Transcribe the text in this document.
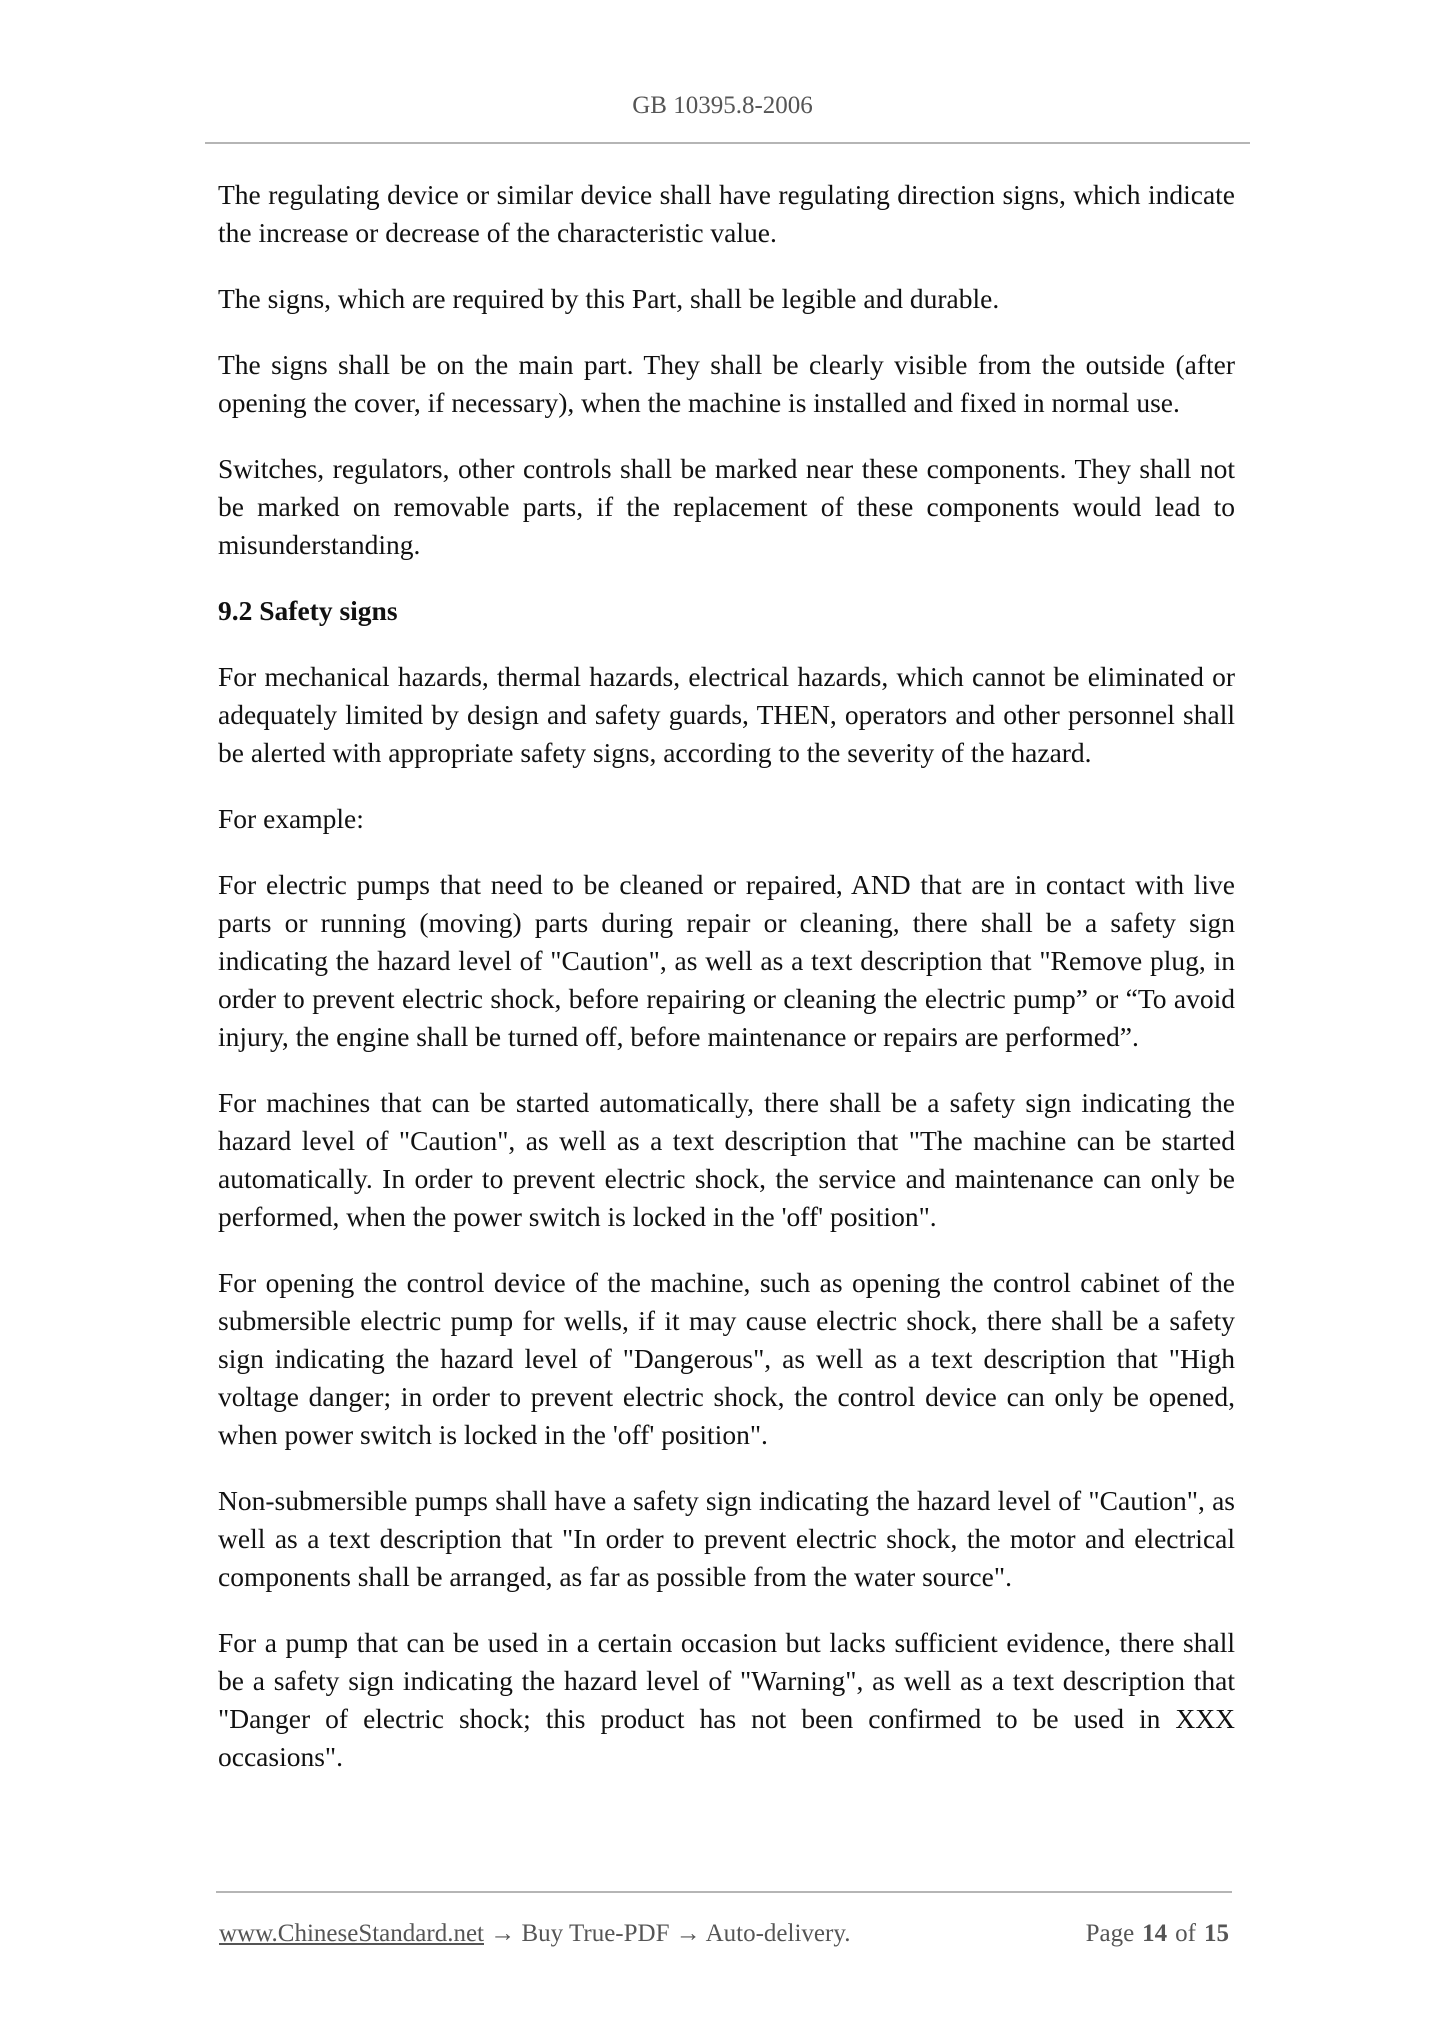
GB 10395.8-2006

The regulating device or similar device shall have regulating direction signs, which indicate the increase or decrease of the characteristic value.

The signs, which are required by this Part, shall be legible and durable.

The signs shall be on the main part. They shall be clearly visible from the outside (after opening the cover, if necessary), when the machine is installed and fixed in normal use.

Switches, regulators, other controls shall be marked near these components. They shall not be marked on removable parts, if the replacement of these components would lead to misunderstanding.

9.2 Safety signs

For mechanical hazards, thermal hazards, electrical hazards, which cannot be eliminated or adequately limited by design and safety guards, THEN, operators and other personnel shall be alerted with appropriate safety signs, according to the severity of the hazard.

For example:

For electric pumps that need to be cleaned or repaired, AND that are in contact with live parts or running (moving) parts during repair or cleaning, there shall be a safety sign indicating the hazard level of "Caution", as well as a text description that "Remove plug, in order to prevent electric shock, before repairing or cleaning the electric pump” or “To avoid injury, the engine shall be turned off, before maintenance or repairs are performed”.

For machines that can be started automatically, there shall be a safety sign indicating the hazard level of "Caution", as well as a text description that "The machine can be started automatically. In order to prevent electric shock, the service and maintenance can only be performed, when the power switch is locked in the 'off' position".

For opening the control device of the machine, such as opening the control cabinet of the submersible electric pump for wells, if it may cause electric shock, there shall be a safety sign indicating the hazard level of "Dangerous", as well as a text description that "High voltage danger; in order to prevent electric shock, the control device can only be opened, when power switch is locked in the 'off' position".

Non-submersible pumps shall have a safety sign indicating the hazard level of "Caution", as well as a text description that "In order to prevent electric shock, the motor and electrical components shall be arranged, as far as possible from the water source".

For a pump that can be used in a certain occasion but lacks sufficient evidence, there shall be a safety sign indicating the hazard level of "Warning", as well as a text description that "Danger of electric shock; this product has not been confirmed to be used in XXX occasions".

www.ChineseStandard.net → Buy True-PDF → Auto-delivery.	Page 14 of 15
